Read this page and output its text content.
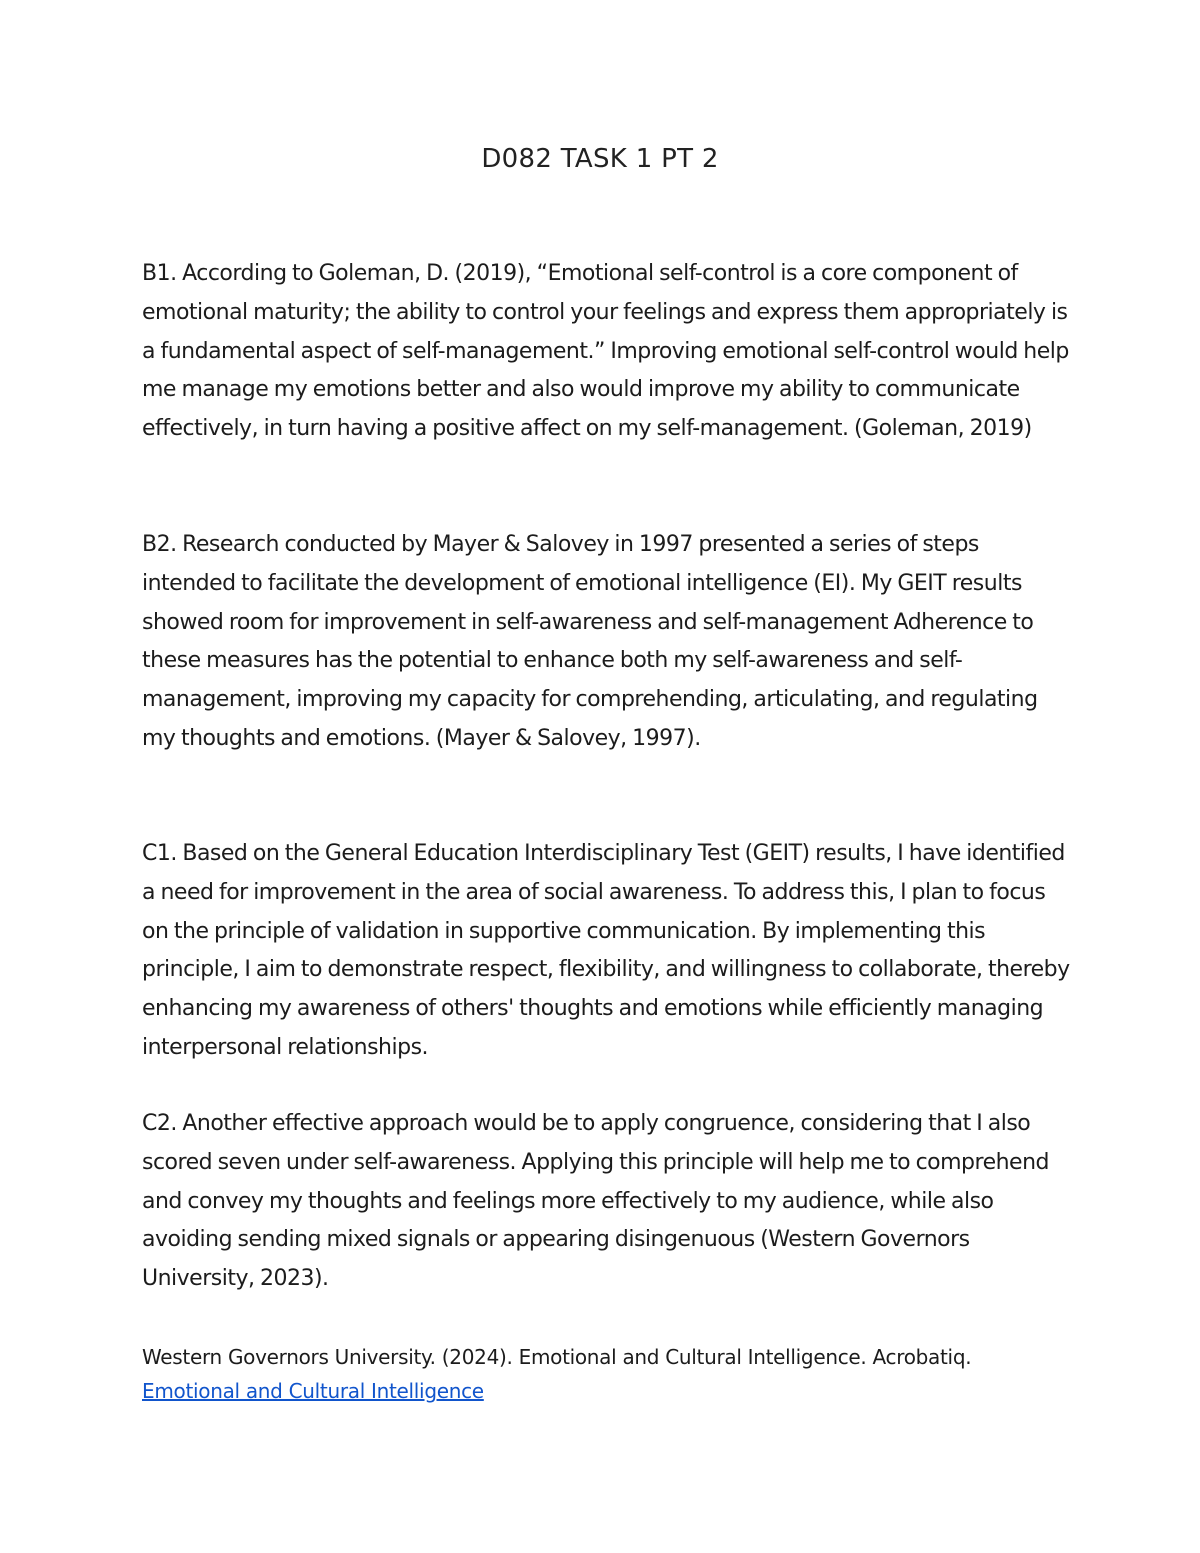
D082 TASK 1 PT 2

B1. According to Goleman, D. (2019), “Emotional self-control is a core component of emotional maturity; the ability to control your feelings and express them appropriately is a fundamental aspect of self-management.” Improving emotional self-control would help me manage my emotions better and also would improve my ability to communicate effectively, in turn having a positive affect on my self-management. (Goleman, 2019)

B2. Research conducted by Mayer & Salovey in 1997 presented a series of steps intended to facilitate the development of emotional intelligence (EI). My GEIT results showed room for improvement in self-awareness and self-management Adherence to these measures has the potential to enhance both my self-awareness and self-management, improving my capacity for comprehending, articulating, and regulating my thoughts and emotions. (Mayer & Salovey, 1997).

C1. Based on the General Education Interdisciplinary Test (GEIT) results, I have identified a need for improvement in the area of social awareness. To address this, I plan to focus on the principle of validation in supportive communication. By implementing this principle, I aim to demonstrate respect, flexibility, and willingness to collaborate, thereby enhancing my awareness of others' thoughts and emotions while efficiently managing interpersonal relationships.

C2. Another effective approach would be to apply congruence, considering that I also scored seven under self-awareness. Applying this principle will help me to comprehend and convey my thoughts and feelings more effectively to my audience, while also avoiding sending mixed signals or appearing disingenuous (Western Governors University, 2023).

Western Governors University. (2024). Emotional and Cultural Intelligence. Acrobatiq.
Emotional and Cultural Intelligence
